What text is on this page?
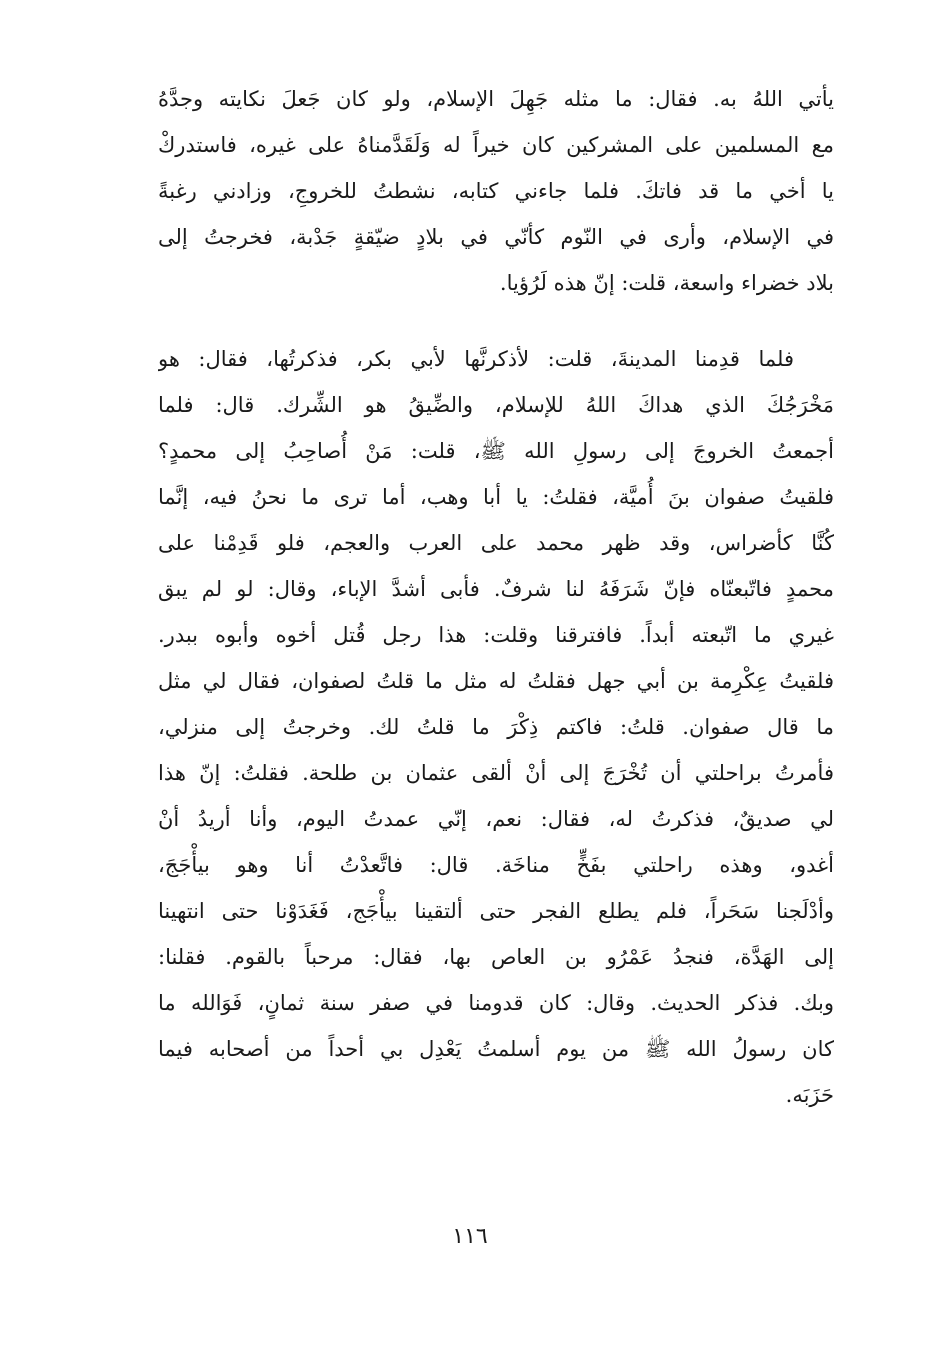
يأتي اللهُ به. فقال: ما مثله جَهِلَ الإسلام، ولو كان جَعلَ نكايته وجدَّهُ
مع المسلمين على المشركين كان خيراً له وَلَقَدَّمناهُ على غيره، فاستدركْ
يا أخي ما قد فاتكَ. فلما جاءني كتابه، نشطتُ للخروجِ، وزادني رغبةً
في الإسلام، وأرى في النّوم كأنّي في بلادٍ ضيّقةٍ جَدْبة، فخرجتُ إلى
بلاد خضراء واسعة، قلت: إنّ هذه لَرُؤيا.
فلما قدِمنا المدينةَ، قلت: لأذكرنَّها لأبي بكر، فذكرتُها، فقال: هو
مَخْرَجُكَ الذي هداكَ اللهُ للإسلام، والضِّيقُ هو الشِّرك. قال: فلما
أجمعتُ الخروجَ إلى رسولِ الله ﷺ، قلت: مَنْ أُصاحِبُ إلى محمدٍ؟
فلقيتُ صفوان بنَ أُميَّة، فقلتُ: يا أبا وهب، أما ترى ما نحنُ فيه، إنَّما
كُنَّا كأضراس، وقد ظهر محمد على العرب والعجم، فلو قَدِمْنا على
محمدٍ فاتّبعنّاه فإنّ شَرَفَهُ لنا شرفٌ. فأبى أشدَّ الإباء، وقال: لو لم يبق
غيري ما اتّبعته أبداً. فافترقنا وقلت: هذا رجل قُتل أخوه وأبوه ببدر.
فلقيتُ عِكْرِمة بن أبي جهل فقلتُ له مثل ما قلتُ لصفوان، فقال لي مثل
ما قال صفوان. قلتُ: فاكتم ذِكْرَ ما قلتُ لك. وخرجتُ إلى منزلي،
فأمرتُ براحلتي أن تُخْرَجَ إلى أنْ ألقى عثمان بن طلحة. فقلتُ: إنّ هذا
لي صديقٌ، فذكرتُ له، فقال: نعم، إنّي عمدتُ اليوم، وأنا أريدُ أنْ
أغدو، وهذه راحلتي بفَخٍّ مناخَة. قال: فاتَّعدْتُ أنا وهو بيأْجَجَ،
وأدْلَجنا سَحَراً، فلم يطلع الفجر حتى ألتقينا بيأْجَج، فَغَدَوْنا حتى انتهينا
إلى الهَدَّة، فنجدُ عَمْرُو بن العاص بها، فقال: مرحباً بالقوم. فقلنا:
وبك. فذكر الحديث. وقال: كان قدومنا في صفر سنة ثمانٍ، فَوَالله ما
كان رسولُ الله ﷺ من يوم أسلمتُ يَعْدِل بي أحداً من أصحابه فيما
حَزَبَه.
١١٦
